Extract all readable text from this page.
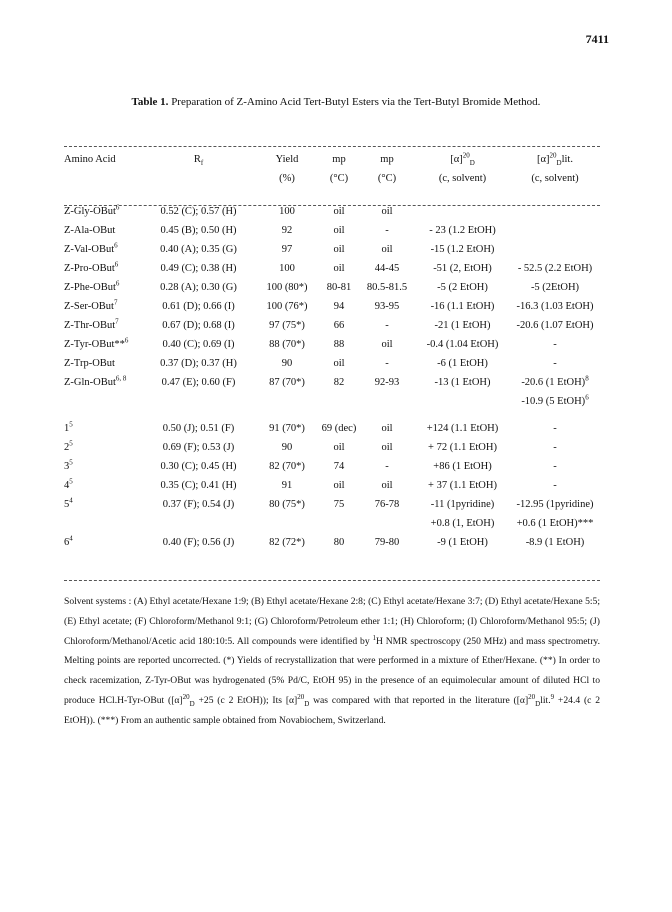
7411
Table 1. Preparation of Z-Amino Acid Tert-Butyl Esters via the Tert-Butyl Bromide Method.
Amino Acid	$R_f$	Yield	mp	mp	$[\alpha]^{20}_D$	$[\alpha]^{20}_Dlit$.
		(%)	(°C)	(°C)	(c, solvent)	(c, solvent)

Z-Gly-OBut$^6$	0.52 (C); 0.57 (H)	100	oil	oil		
Z-Ala-OBut	0.45 (B); 0.50 (H)	92	oil	-	- 23 (1.2 EtOH)	
Z-Val-OBut$^6$	0.40 (A); 0.35 (G)	97	oil	oil	-15 (1.2 EtOH)	
Z-Pro-OBut$^6$	0.49 (C); 0.38 (H)	100	oil	44-45	-51 (2, EtOH)	- 52.5 (2.2 EtOH)
Z-Phe-OBut$^6$	0.28 (A); 0.30 (G)	100 (80*)	80-81	80.5-81.5	-5 (2 EtOH)	-5 (2EtOH)
Z-Ser-OBut$^7$	0.61 (D); 0.66 (I)	100 (76*)	94	93-95	-16 (1.1 EtOH)	-16.3 (1.03 EtOH)
Z-Thr-OBut$^7$	0.67 (D); 0.68 (I)	97 (75*)	66	-	-21 (1 EtOH)	-20.6 (1.07 EtOH)
Z-Tyr-OBut**$^6$	0.40 (C); 0.69 (I)	88 (70*)	88	oil	-0.4 (1.04 EtOH)	-
Z-Trp-OBut	0.37 (D); 0.37 (H)	90	oil	-	-6 (1 EtOH)	-
Z-Gln-OBut$^{6, 8}$	0.47 (E); 0.60 (F)	87 (70*)	82	92-93	-13 (1 EtOH)	-20.6 (1 EtOH)$^8$
						-10.9 (5 EtOH)$^6$

$1^5$	0.50 (J); 0.51 (F)	91 (70*)	69 (dec)	oil	+124 (1.1 EtOH)	-
$2^5$	0.69 (F); 0.53 (J)	90	oil	oil	+ 72 (1.1 EtOH)	-
$3^5$	0.30 (C); 0.45 (H)	82 (70*)	74	-	+86 (1 EtOH)	-
$4^5$	0.35 (C); 0.41 (H)	91	oil	oil	+ 37 (1.1 EtOH)	-
$5^4$	0.37 (F); 0.54 (J)	80 (75*)	75	76-78	-11 (1pyridine)	-12.95 (1pyridine)
					+0.8 (1, EtOH)	+0.6 (1 EtOH)***
$6^4$	0.40 (F); 0.56 (J)	82 (72*)	80	79-80	-9 (1 EtOH)	-8.9 (1 EtOH)
Solvent systems : (A) Ethyl acetate/Hexane 1:9; (B) Ethyl acetate/Hexane 2:8; (C) Ethyl acetate/Hexane 3:7; (D) Ethyl acetate/Hexane 5:5; (E) Ethyl acetate; (F) Chloroform/Methanol 9:1; (G) Chloroform/Petroleum ether 1:1; (H) Chloroform; (I) Chloroform/Methanol 95:5; (J) Chloroform/Methanol/Acetic acid 180:10:5. All compounds were identified by $^1$H NMR spectroscopy (250 MHz) and mass spectrometry. Melting points are reported uncorrected. (*) Yields of recrystallization that were performed in a mixture of Ether/Hexane. (**) In order to check racemization, Z-Tyr-OBut was hydrogenated (5% Pd/C, EtOH 95) in the presence of an equimolecular amount of diluted HCl to produce HCl.H-Tyr-OBut ($[\alpha]^{20}_D +25$ (c 2 EtOH)); Its $[\alpha]^{20}_D$ was compared with that reported in the literature ($[\alpha]^{20}_Dlit.^9 +24.4$ (c 2 EtOH)). (***) From an authentic sample obtained from Novabiochem, Switzerland.
